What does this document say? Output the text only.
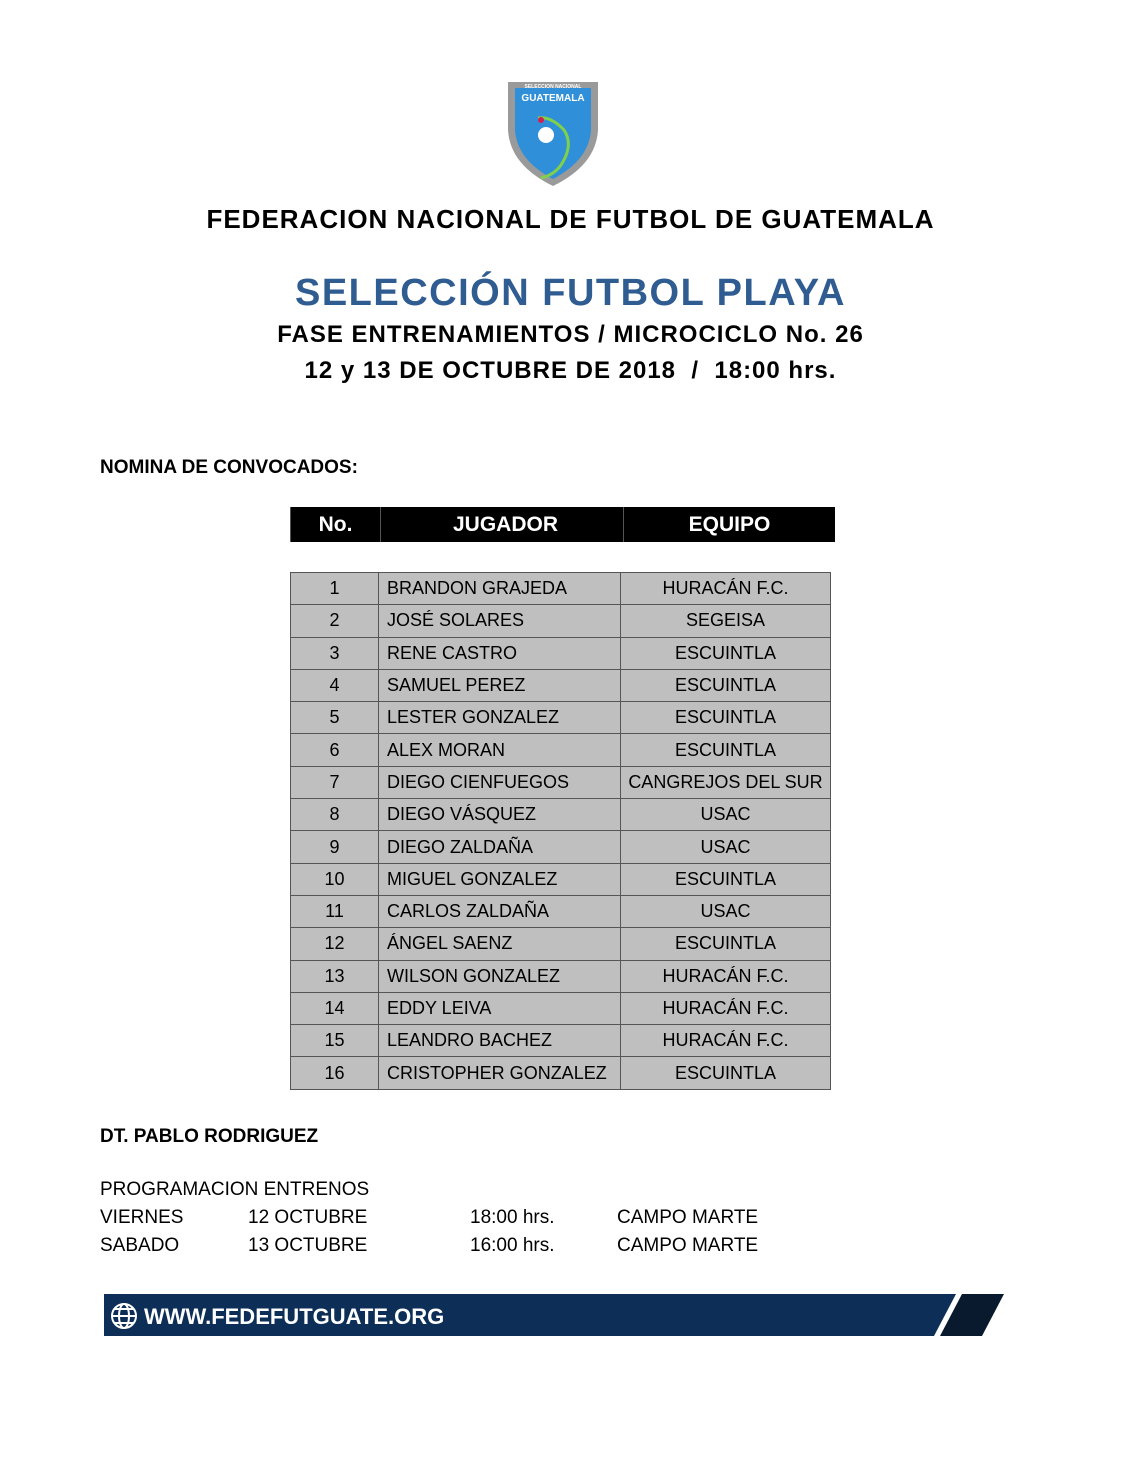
SELECCION NACIONAL
GUATEMALA
FEDERACION NACIONAL DE FUTBOL DE GUATEMALA
SELECCIÓN FUTBOL PLAYA
FASE ENTRENAMIENTOS / MICROCICLO No. 26
12 y 13 DE OCTUBRE DE 2018  /  18:00 hrs.
NOMINA DE CONVOCADOS:
No.	JUGADOR	EQUIPO
1	BRANDON GRAJEDA	HURACÁN F.C.
2	JOSÉ SOLARES	SEGEISA
3	RENE CASTRO	ESCUINTLA
4	SAMUEL PEREZ	ESCUINTLA
5	LESTER GONZALEZ	ESCUINTLA
6	ALEX MORAN	ESCUINTLA
7	DIEGO CIENFUEGOS	CANGREJOS DEL SUR
8	DIEGO VÁSQUEZ	USAC
9	DIEGO ZALDAÑA	USAC
10	MIGUEL GONZALEZ	ESCUINTLA
11	CARLOS ZALDAÑA	USAC
12	ÁNGEL SAENZ	ESCUINTLA
13	WILSON GONZALEZ	HURACÁN F.C.
14	EDDY LEIVA	HURACÁN F.C.
15	LEANDRO BACHEZ	HURACÁN F.C.
16	CRISTOPHER GONZALEZ	ESCUINTLA
DT. PABLO RODRIGUEZ
PROGRAMACION ENTRENOS
VIERNES	12 OCTUBRE	18:00 hrs.	CAMPO MARTE
SABADO	13 OCTUBRE	16:00 hrs.	CAMPO MARTE
WWW.FEDEFUTGUATE.ORG
